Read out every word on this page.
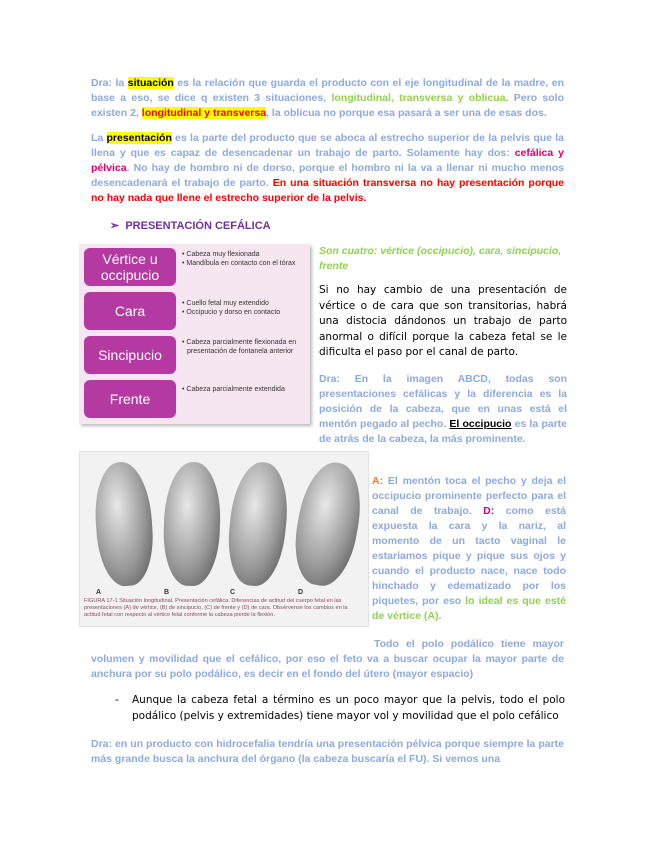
Dra: la situación es la relación que guarda el producto con el eje longitudinal de la madre, en base a eso, se dice q existen 3 situaciones, longitudinal, transversa y oblicua. Pero solo existen 2, longitudinal y transversa, la oblicua no porque esa pasará a ser una de esas dos.

La presentación es la parte del producto que se aboca al estrecho superior de la pelvis que la llena y que es capaz de desencadenar un trabajo de parto. Solamente hay dos: cefálica y pélvica. No hay de hombro ni de dorso, porque el hombro ni la va a llenar ni mucho menos desencadenará el trabajo de parto. En una situación transversa no hay presentación porque no hay nada que llene el estrecho superior de la pelvis.

➢ PRESENTACIÓN CEFÁLICA
Vértice u occipucio
• Cabeza muy flexionada
• Mandíbula en contacto con el tórax
Cara	• Cuello fetal muy extendido
• Occipucio y dorso en contacto
Sincipucio
• Cabeza parcialmente flexionada en presentación de fontanela anterior
Frente
• Cabeza parcialmente extendida

Son cuatro: vértice (occipucio), cara, sincipucio, frente

Si no hay cambio de una presentación de vértice o de cara que son transitorias, habrá una distocia dándonos un trabajo de parto anormal o difícil porque la cabeza fetal se le dificulta el paso por el canal de parto.

Dra: En la imagen ABCD, todas son presentaciones cefálicas y la diferencia es la posición de la cabeza, que en unas está el mentón pegado al pecho. El occipucio es la parte de atrás de la cabeza, la más prominente.

A: El mentón toca el pecho y deja el occipucio prominente perfecto para el canal de trabajo. D: como está expuesta la cara y la nariz, al momento de un tacto vaginal le estaríamos pique y pique sus ojos y cuando el producto nace, nace todo hinchado y edematizado por los piquetes, por eso lo ideal es que esté de vértice (A).

A	B	C	D
FIGURA 17-1 Situación longitudinal. Presentación cefálica. Diferencias de actitud del cuerpo fetal en las presentaciones (A) de vértice, (B) de sincipucio, (C) de frente y (D) de cara. Obsérvense los cambios en la actitud fetal con respecto al vértice fetal conforme la cabeza pierde la flexión.

Todo el polo podálico tiene mayor volumen y movilidad que el cefálico, por eso el feto va a buscar ocupar la mayor parte de anchura por su polo podálico, es decir en el fondo del útero (mayor espacio)

- Aunque la cabeza fetal a término es un poco mayor que la pelvis, todo el polo podálico (pelvis y extremidades) tiene mayor vol y movilidad que el polo cefálico

Dra: en un producto con hidrocefalia tendría una presentación pélvica porque siempre la parte más grande busca la anchura del órgano (la cabeza buscaría el FU). Si vemos una
